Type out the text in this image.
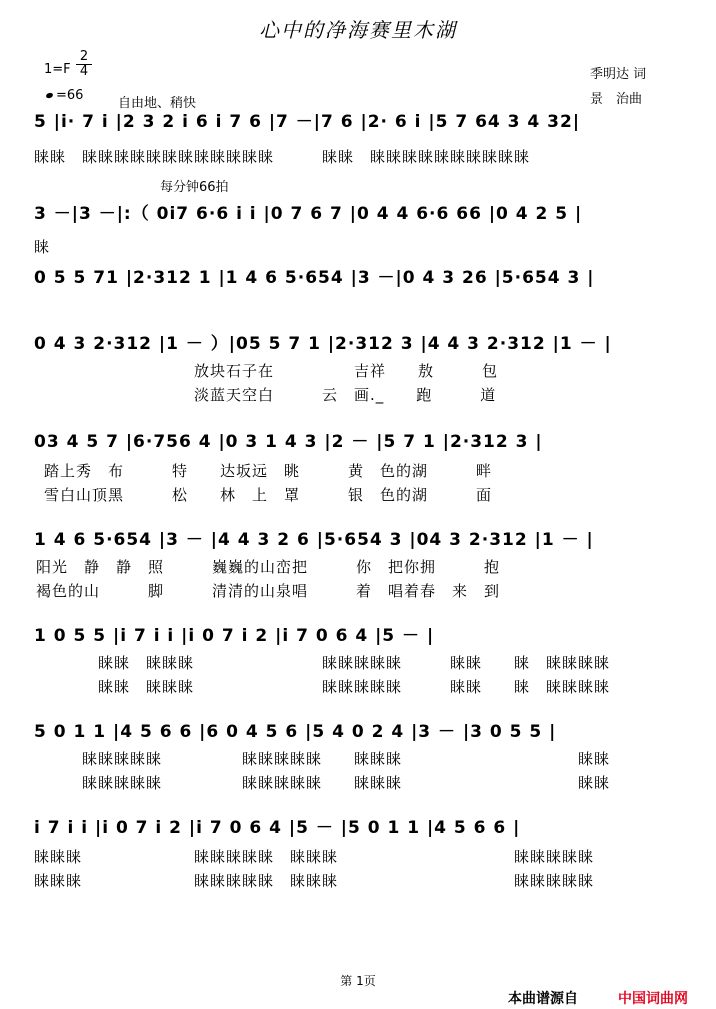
心中的净海赛里木湖
$1=F \frac{2}{4}$
=66
自由地、稍快
季明达 词
景　治曲
每分钟66拍
5 |i· 7 i |2 3 2 i 6 i 7 6 |7 －|7 6 |2· 6 i |5 7 64 3 4 32|
睐睐　睐睐睐睐睐睐睐睐睐睐睐睐　　　睐睐　睐睐睐睐睐睐睐睐睐睐
3 －|3 －|:（ 0i7 6·6 i i |0 7 6 7 |0 4 4 6·6 66 |0 4 2 5 |
睐
0 5 5 71 |2·312 1 |1 4 6 5·654 |3 －|0 4 3 26 |5·654 3 |
0 4 3 2·312 |1 － ）|05 5 7 1 |2·312 3 |4 4 3 2·312 |1 － |
　　　　　　　　　　放块石子在　　　　　吉祥　　敖　　　包
　　　　　　　　　　淡蓝天空白　　　云　画._　　跑　　　道
03 4 5 7 |6·756 4 |0 3 1 4 3 |2 － |5 7 1 |2·312 3 |
踏上秀　布　　　特　　达坂远　眺　　　黄　色的湖　　　畔
雪白山顶黑　　　松　　林　上　罩　　　银　色的湖　　　面
1 4 6 5·654 |3 － |4 4 3 2 6 |5·654 3 |04 3 2·312 |1 － |
阳光　静　静　照　　　巍巍的山峦把　　　你　把你拥　　　抱
褐色的山　　　脚　　　清清的山泉唱　　　着　唱着春　来　到
1 0 5 5 |i 7 i i |i 0 7 i 2 |i 7 0 6 4 |5 － |
　　　　睐睐　睐睐睐　　　　　　　　睐睐睐睐睐　　　睐睐　　睐　睐睐睐睐
　　　　睐睐　睐睐睐　　　　　　　　睐睐睐睐睐　　　睐睐　　睐　睐睐睐睐
5 0 1 1 |4 5 6 6 |6 0 4 5 6 |5 4 0 2 4 |3 － |3 0 5 5 |
　　　睐睐睐睐睐　　　　　睐睐睐睐睐　　睐睐睐　　　　　　　　　　　睐睐
　　　睐睐睐睐睐　　　　　睐睐睐睐睐　　睐睐睐　　　　　　　　　　　睐睐
i 7 i i |i 0 7 i 2 |i 7 0 6 4 |5 － |5 0 1 1 |4 5 6 6 |
睐睐睐　　　　　　　睐睐睐睐睐　睐睐睐　　　　　　　　　　　睐睐睐睐睐
睐睐睐　　　　　　　睐睐睐睐睐　睐睐睐　　　　　　　　　　　睐睐睐睐睐
第 1页
本曲谱源自	中国词曲网
